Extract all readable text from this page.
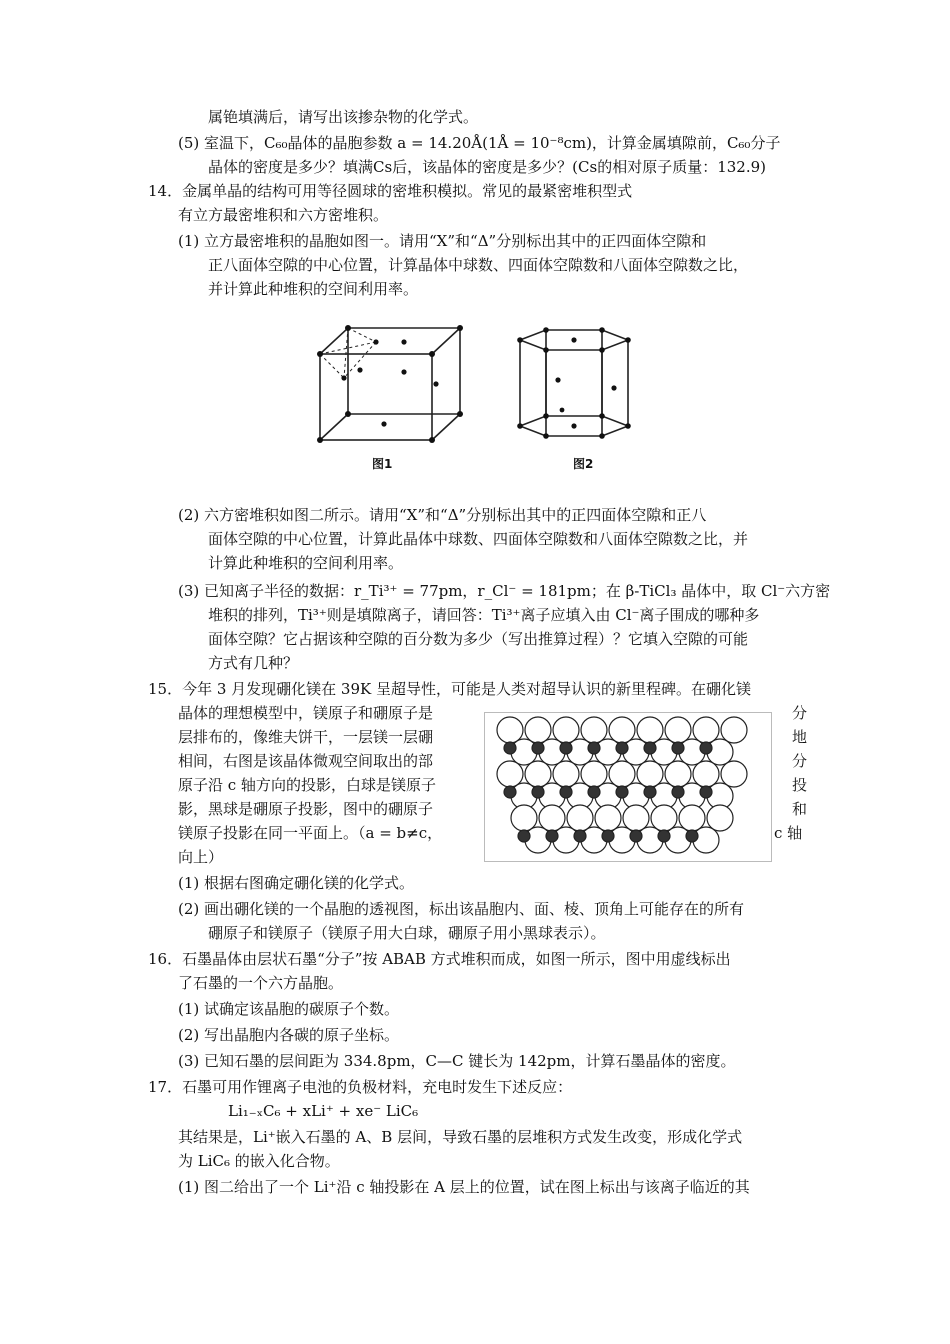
属铯填满后，请写出该掺杂物的化学式。
(5) 室温下，C₆₀晶体的晶胞参数 a = 14.20Å(1Å = 10⁻⁸cm)，计算金属填隙前，C₆₀分子
晶体的密度是多少？填满Cs后，该晶体的密度是多少？(Cs的相对原子质量：132.9)
14．金属单晶的结构可用等径圆球的密堆积模拟。常见的最紧密堆积型式
有立方最密堆积和六方密堆积。
(1) 立方最密堆积的晶胞如图一。请用“X”和“Δ”分别标出其中的正四面体空隙和
正八面体空隙的中心位置，计算晶体中球数、四面体空隙数和八面体空隙数之比，
并计算此种堆积的空间利用率。
(2) 六方密堆积如图二所示。请用“X”和“Δ”分别标出其中的正四面体空隙和正八
面体空隙的中心位置，计算此晶体中球数、四面体空隙数和八面体空隙数之比，并
计算此种堆积的空间利用率。
(3) 已知离子半径的数据：r_Ti³⁺ = 77pm，r_Cl⁻ = 181pm；在 β-TiCl₃ 晶体中，取 Cl⁻六方密
堆积的排列，Ti³⁺则是填隙离子，请回答：Ti³⁺离子应填入由 Cl⁻离子围成的哪种多
面体空隙？它占据该种空隙的百分数为多少（写出推算过程）？它填入空隙的可能
方式有几种？
15．今年 3 月发现硼化镁在 39K 呈超导性，可能是人类对超导认识的新里程碑。在硼化镁
晶体的理想模型中，镁原子和硼原子是
层排布的，像维夫饼干，一层镁一层硼
相间，右图是该晶体微观空间取出的部
原子沿 c 轴方向的投影，白球是镁原子
影，黑球是硼原子投影，图中的硼原子
镁原子投影在同一平面上。（a = b≠c，
向上）
(1) 根据右图确定硼化镁的化学式。
(2) 画出硼化镁的一个晶胞的透视图，标出该晶胞内、面、棱、顶角上可能存在的所有
硼原子和镁原子（镁原子用大白球，硼原子用小黑球表示）。
16．石墨晶体由层状石墨“分子”按 ABAB 方式堆积而成，如图一所示，图中用虚线标出
了石墨的一个六方晶胞。
(1) 试确定该晶胞的碳原子个数。
(2) 写出晶胞内各碳的原子坐标。
(3) 已知石墨的层间距为 334.8pm，C—C 键长为 142pm，计算石墨晶体的密度。
17．石墨可用作锂离子电池的负极材料，充电时发生下述反应：
Li₁₋ₓC₆ + xLi⁺ + xe⁻ LiC₆
其结果是，Li⁺嵌入石墨的 A、B 层间，导致石墨的层堆积方式发生改变，形成化学式
为 LiC₆ 的嵌入化合物。
(1) 图二给出了一个 Li⁺沿 c 轴投影在 A 层上的位置，试在图上标出与该离子临近的其
图1	图2
分
地
分
投
和
c 轴
